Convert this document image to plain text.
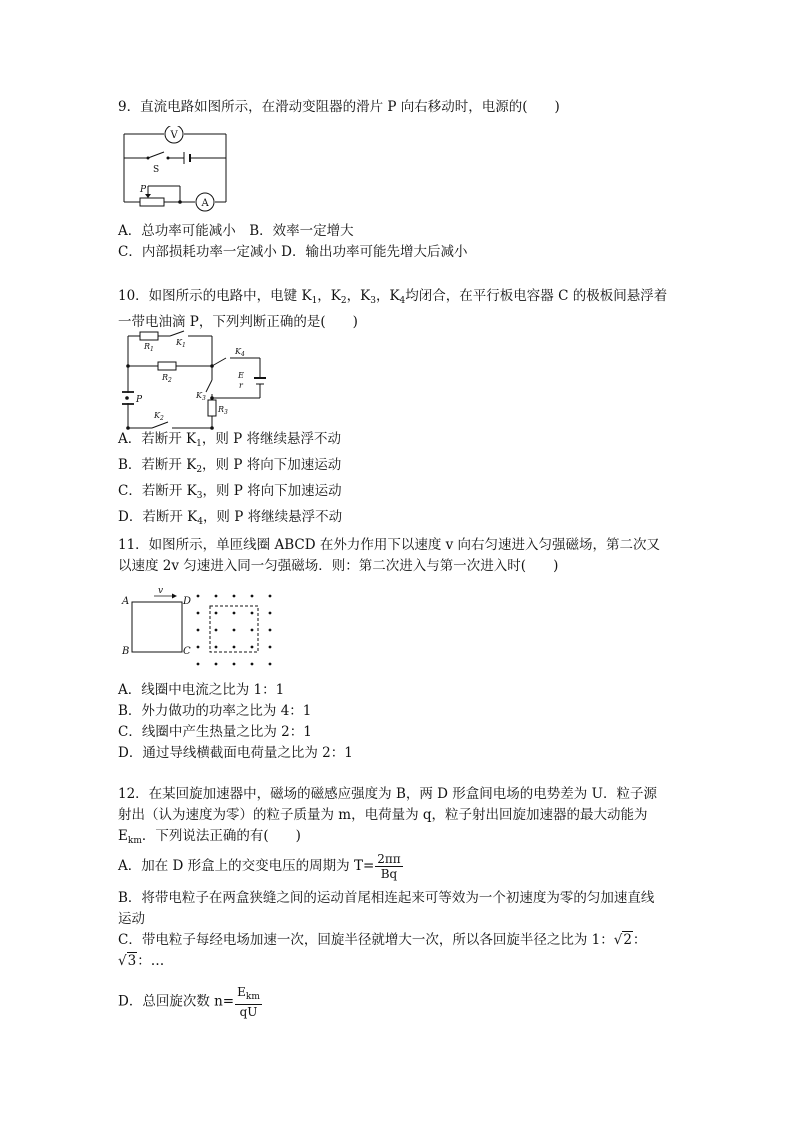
9．直流电路如图所示，在滑动变阻器的滑片 P 向右移动时，电源的(　　)
V
S
P
A
A．总功率可能减小　 B．效率一定增大
C．内部损耗功率一定减小 D．输出功率可能先增大后减小
10．如图所示的电路中，电键 $K_1$，$K_2$，$K_3$，$K_4$均闭合，在平行板电容器 C 的极板间悬浮着
一带电油滴 P，下列判断正确的是(　　)
$R_1$
$K_1$
$R_2$
$K_4$
E
r
$K_3$
$R_3$
$K_2$
P
A．若断开 $K_1$，则 P 将继续悬浮不动
B．若断开 $K_2$，则 P 将向下加速运动
C．若断开 $K_3$，则 P 将向下加速运动
D．若断开 $K_4$，则 P 将继续悬浮不动
11．如图所示，单匝线圈 ABCD 在外力作用下以速度 v 向右匀速进入匀强磁场，第二次又
以速度 2v 匀速进入同一匀强磁场．则：第二次进入与第一次进入时(　　)
A
B	C
D
v
A．线圈中电流之比为 1：1
B．外力做功的功率之比为 4：1
C．线圈中产生热量之比为 2：1
D．通过导线横截面电荷量之比为 2：1
12．在某回旋加速器中，磁场的磁感应强度为 B，两 D 形盒间电场的电势差为 U．粒子源
射出（认为速度为零）的粒子质量为 m，电荷量为 q，粒子射出回旋加速器的最大动能为
$E_{km}$．下列说法正确的有(　　)
A．加在 D 形盒上的交变电压的周期为 $T= \frac{2\pi\pi}{Bq}$
B．将带电粒子在两盒狭缝之间的运动首尾相连起来可等效为一个初速度为零的匀加速直线
运动
C．带电粒子每经电场加速一次，回旋半径就增大一次，所以各回旋半径之比为 1：√2：
√3：…
D．总回旋次数 $n= \frac{E_{km}}{qU}$
